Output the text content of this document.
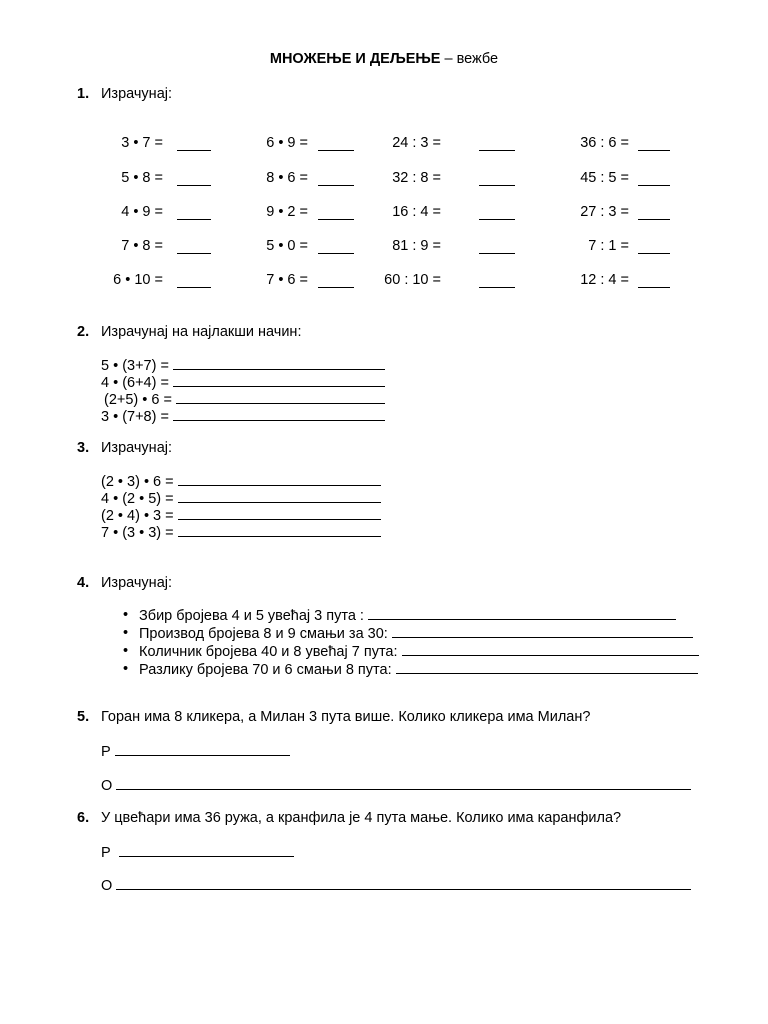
МНОЖЕЊЕ И ДЕЉЕЊЕ – вежбе
1. Израчунај:
3 • 7 =
5 • 8 =
4 • 9 =
7 • 8 =
6 • 10 =
6 • 9 =
8 • 6 =
9 • 2 =
5 • 0 =
7 • 6 =
24 : 3 =
32 : 8 =
16 : 4 =
81 : 9 =
60 : 10 =
36 : 6 =
45 : 5 =
27 : 3 =
7 : 1 =
12 : 4 =
2. Израчунај на најлакши начин:
5 • (3+7) =
4 • (6+4) =
(2+5) • 6 =
3 • (7+8) =
3. Израчунај:
(2 • 3) • 6 =
4 • (2 • 5) =
(2 • 4) • 3 =
7 • (3 • 3) =
4. Израчунај:
• Збир бројева 4 и 5 увећај 3 пута :
• Производ бројева 8 и 9 смањи за 30:
• Количник бројева 40 и 8 увећај 7 пута:
• Разлику бројева 70 и 6 смањи 8 пута:
5. Горан има 8 кликера, а Милан 3 пута више. Колико кликера има Милан?
Р
О
6. У цвећари има 36 ружа, а кранфила је 4 пута мање. Колико има каранфила?
Р
О
